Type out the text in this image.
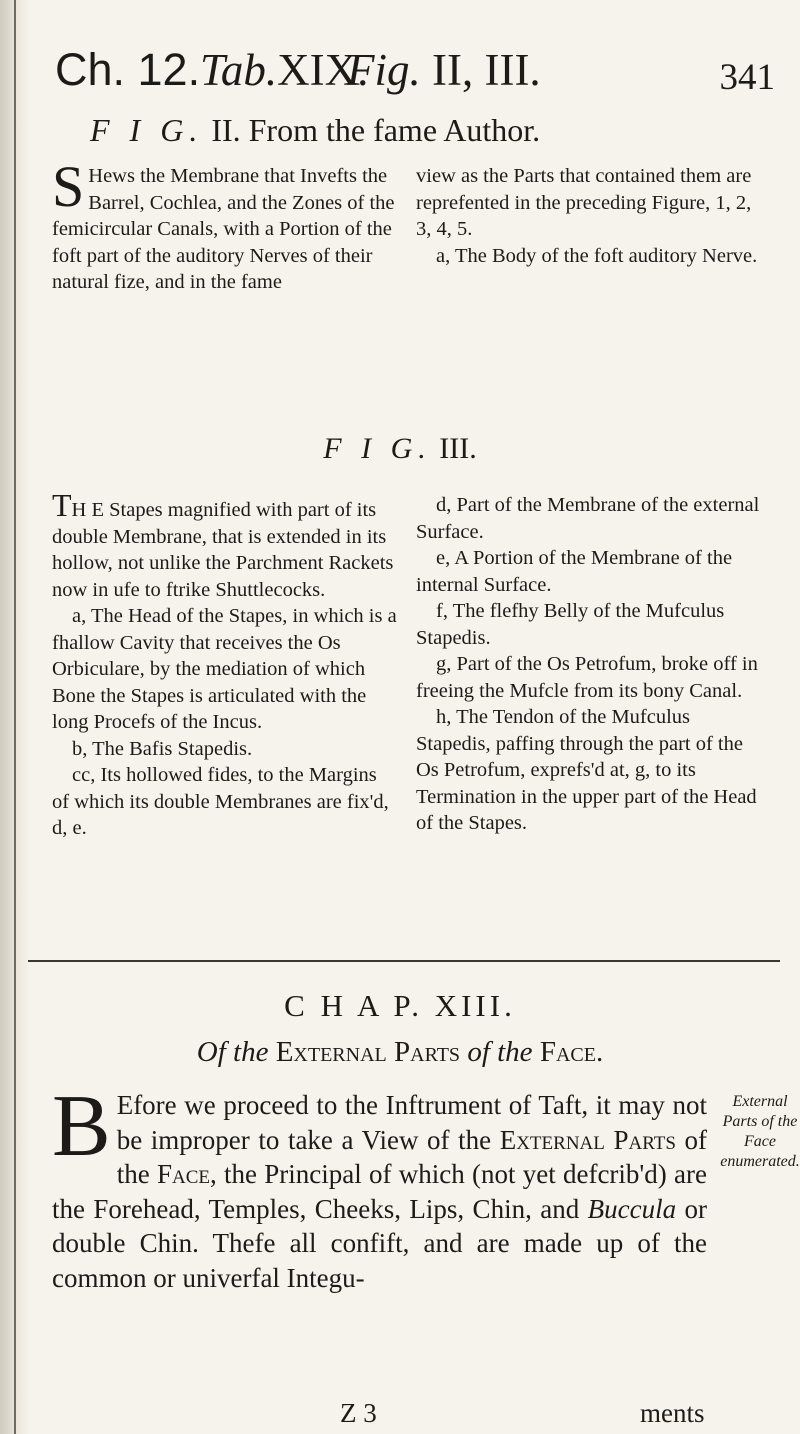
Ch. 12. Tab.XIX.
Fig. II, III.	341
F I G. II. From the fame Author.

S Hews the Membrane that Invefts the Barrel, Cochlea, and the Zones of the femicircular Canals, with a Portion of the foft part of the auditory Nerves of their natural fize, and in the fame

view as the Parts that contained them are reprefented in the preceding Figure, 1, 2, 3, 4, 5.

a, The Body of the foft auditory Nerve.

F I G. III.

TH E Stapes magnified with part of its double Membrane, that is extended in its hollow, not unlike the Parchment Rackets now in ufe to ftrike Shuttlecocks.

a, The Head of the Stapes, in which is a fhallow Cavity that receives the Os Orbiculare, by the mediation of which Bone the Stapes is articulated with the long Procefs of the Incus.

b, The Bafis Stapedis.

cc, Its hollowed fides, to the Margins of which its double Membranes are fix'd, d, e.

d, Part of the Membrane of the external Surface.

e, A Portion of the Membrane of the internal Surface.

f, The flefhy Belly of the Mufculus Stapedis.

g, Part of the Os Petrofum, broke off in freeing the Mufcle from its bony Canal.

h, The Tendon of the Mufculus Stapedis, paffing through the part of the Os Petrofum, exprefs'd at, g, to its Termination in the upper part of the Head of the Stapes.

C H A P. XIII.
Of the External Parts of the Face.
B Efore we proceed to the Inftrument of Taft, it may not be improper to take a View of the External Parts of the Face, the Principal of which (not yet defcrib'd) are the Forehead, Temples, Cheeks, Lips, Chin, and Buccula or double Chin. Thefe all confift, and are made up of the common or univerfal Integu-
External Parts of the Face enumerated.
Z 3	ments
